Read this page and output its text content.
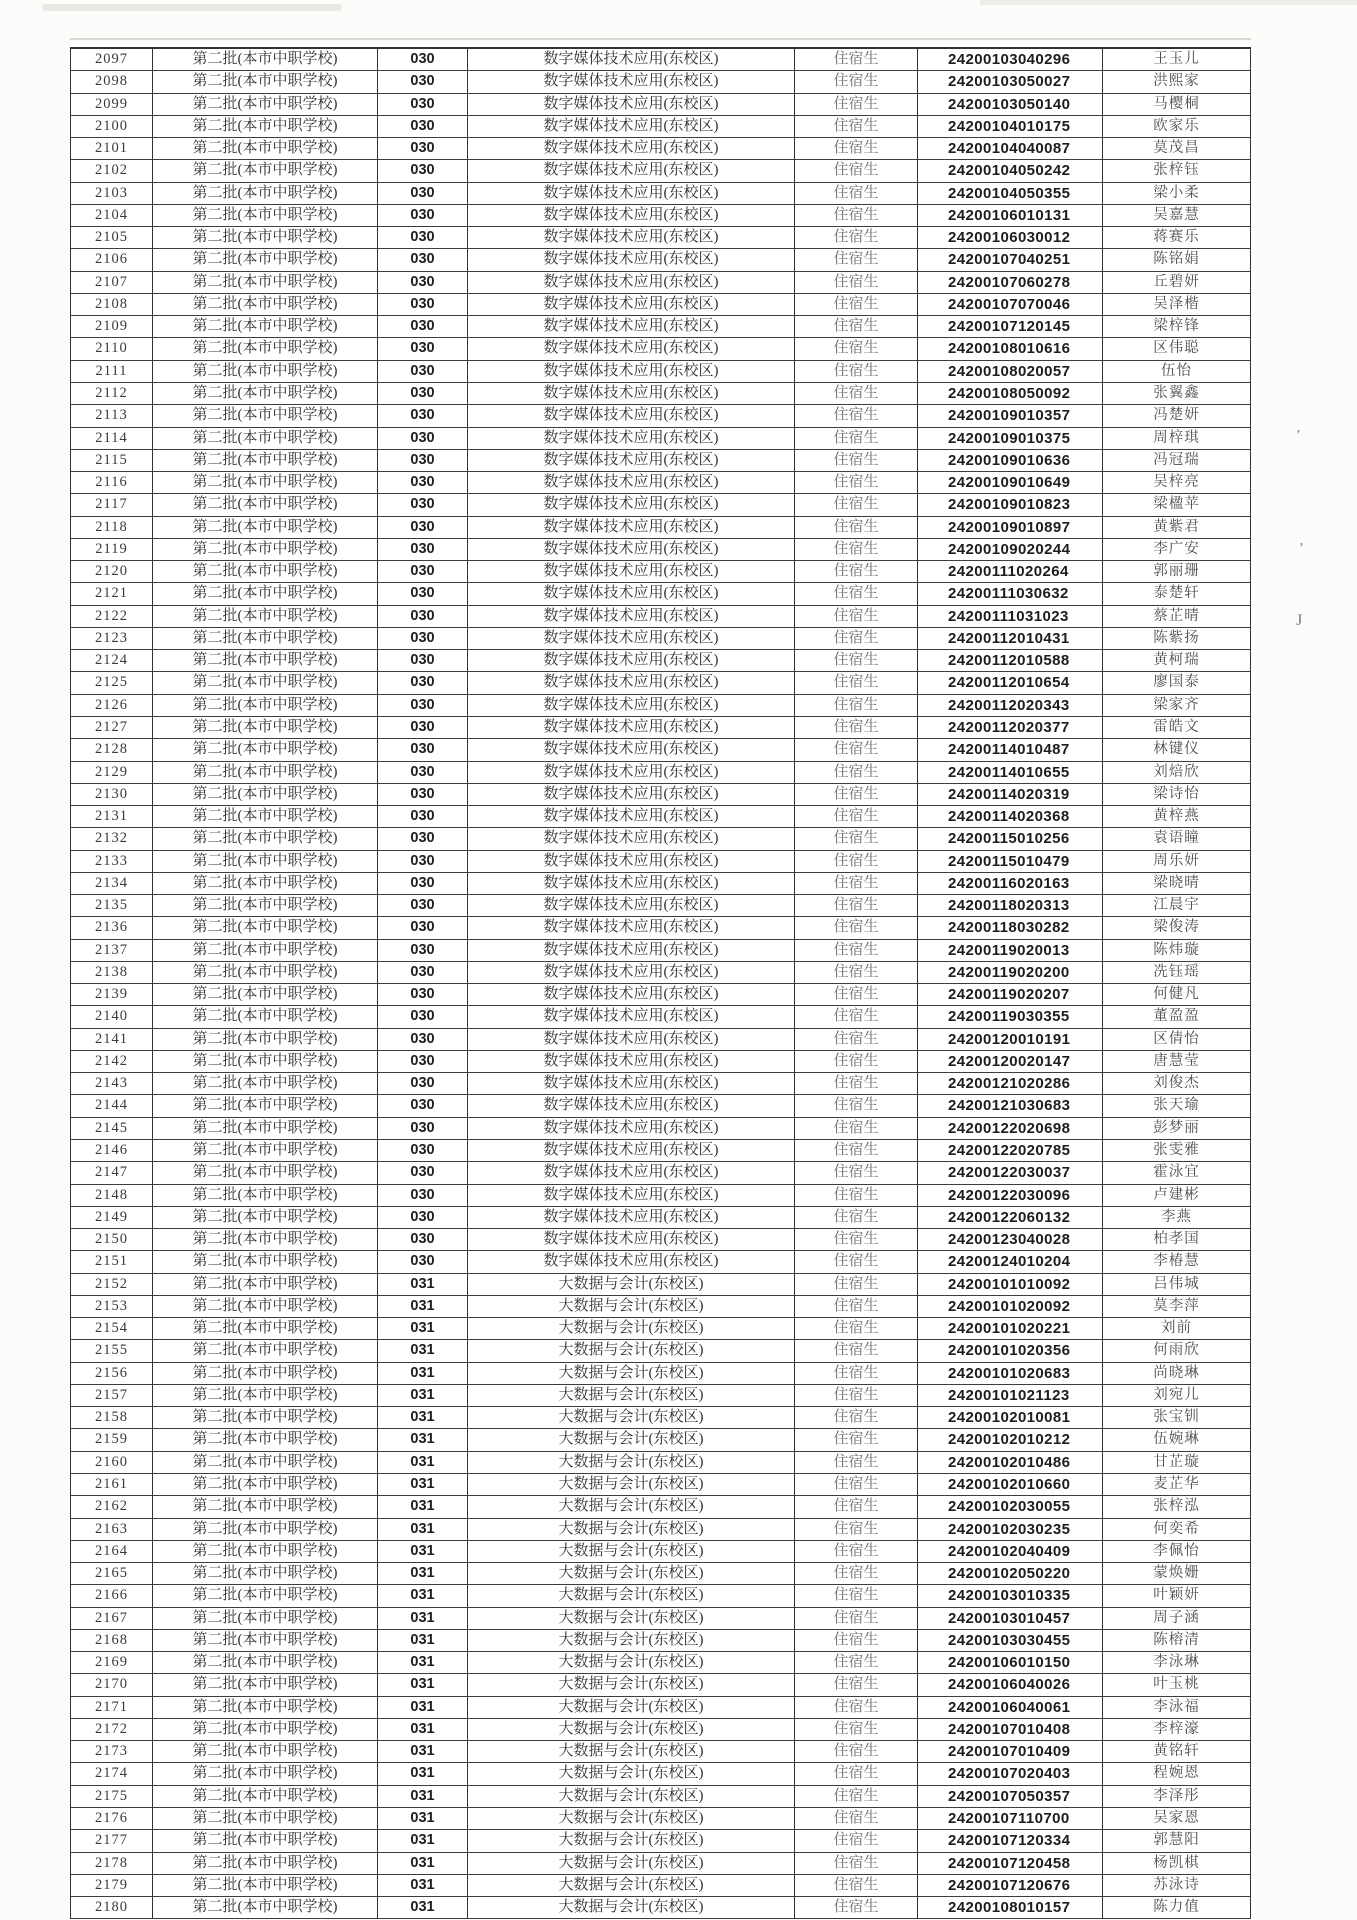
2097	第二批(本市中职学校)	030	数字媒体技术应用(东校区)	住宿生	24200103040296	王玉儿
2098	第二批(本市中职学校)	030	数字媒体技术应用(东校区)	住宿生	24200103050027	洪熙家
2099	第二批(本市中职学校)	030	数字媒体技术应用(东校区)	住宿生	24200103050140	马樱桐
2100	第二批(本市中职学校)	030	数字媒体技术应用(东校区)	住宿生	24200104010175	欧家乐
2101	第二批(本市中职学校)	030	数字媒体技术应用(东校区)	住宿生	24200104040087	莫茂昌
2102	第二批(本市中职学校)	030	数字媒体技术应用(东校区)	住宿生	24200104050242	张梓钰
2103	第二批(本市中职学校)	030	数字媒体技术应用(东校区)	住宿生	24200104050355	梁小柔
2104	第二批(本市中职学校)	030	数字媒体技术应用(东校区)	住宿生	24200106010131	吴嘉慧
2105	第二批(本市中职学校)	030	数字媒体技术应用(东校区)	住宿生	24200106030012	蒋赛乐
2106	第二批(本市中职学校)	030	数字媒体技术应用(东校区)	住宿生	24200107040251	陈铭娟
2107	第二批(本市中职学校)	030	数字媒体技术应用(东校区)	住宿生	24200107060278	丘碧妍
2108	第二批(本市中职学校)	030	数字媒体技术应用(东校区)	住宿生	24200107070046	吴泽楷
2109	第二批(本市中职学校)	030	数字媒体技术应用(东校区)	住宿生	24200107120145	梁梓锋
2110	第二批(本市中职学校)	030	数字媒体技术应用(东校区)	住宿生	24200108010616	区伟聪
2111	第二批(本市中职学校)	030	数字媒体技术应用(东校区)	住宿生	24200108020057	伍怡
2112	第二批(本市中职学校)	030	数字媒体技术应用(东校区)	住宿生	24200108050092	张翼鑫
2113	第二批(本市中职学校)	030	数字媒体技术应用(东校区)	住宿生	24200109010357	冯楚妍
2114	第二批(本市中职学校)	030	数字媒体技术应用(东校区)	住宿生	24200109010375	周梓琪
2115	第二批(本市中职学校)	030	数字媒体技术应用(东校区)	住宿生	24200109010636	冯冠瑞
2116	第二批(本市中职学校)	030	数字媒体技术应用(东校区)	住宿生	24200109010649	吴梓亮
2117	第二批(本市中职学校)	030	数字媒体技术应用(东校区)	住宿生	24200109010823	梁楹苹
2118	第二批(本市中职学校)	030	数字媒体技术应用(东校区)	住宿生	24200109010897	黄紫君
2119	第二批(本市中职学校)	030	数字媒体技术应用(东校区)	住宿生	24200109020244	李广安
2120	第二批(本市中职学校)	030	数字媒体技术应用(东校区)	住宿生	24200111020264	郭丽珊
2121	第二批(本市中职学校)	030	数字媒体技术应用(东校区)	住宿生	24200111030632	泰楚轩
2122	第二批(本市中职学校)	030	数字媒体技术应用(东校区)	住宿生	24200111031023	蔡芷晴
2123	第二批(本市中职学校)	030	数字媒体技术应用(东校区)	住宿生	24200112010431	陈紫扬
2124	第二批(本市中职学校)	030	数字媒体技术应用(东校区)	住宿生	24200112010588	黄柯瑞
2125	第二批(本市中职学校)	030	数字媒体技术应用(东校区)	住宿生	24200112010654	廖国泰
2126	第二批(本市中职学校)	030	数字媒体技术应用(东校区)	住宿生	24200112020343	梁家齐
2127	第二批(本市中职学校)	030	数字媒体技术应用(东校区)	住宿生	24200112020377	雷皓文
2128	第二批(本市中职学校)	030	数字媒体技术应用(东校区)	住宿生	24200114010487	林键仪
2129	第二批(本市中职学校)	030	数字媒体技术应用(东校区)	住宿生	24200114010655	刘焙欣
2130	第二批(本市中职学校)	030	数字媒体技术应用(东校区)	住宿生	24200114020319	梁诗怡
2131	第二批(本市中职学校)	030	数字媒体技术应用(东校区)	住宿生	24200114020368	黄梓燕
2132	第二批(本市中职学校)	030	数字媒体技术应用(东校区)	住宿生	24200115010256	袁语瞳
2133	第二批(本市中职学校)	030	数字媒体技术应用(东校区)	住宿生	24200115010479	周乐妍
2134	第二批(本市中职学校)	030	数字媒体技术应用(东校区)	住宿生	24200116020163	梁晓晴
2135	第二批(本市中职学校)	030	数字媒体技术应用(东校区)	住宿生	24200118020313	江晨宇
2136	第二批(本市中职学校)	030	数字媒体技术应用(东校区)	住宿生	24200118030282	梁俊涛
2137	第二批(本市中职学校)	030	数字媒体技术应用(东校区)	住宿生	24200119020013	陈炜璇
2138	第二批(本市中职学校)	030	数字媒体技术应用(东校区)	住宿生	24200119020200	冼钰瑶
2139	第二批(本市中职学校)	030	数字媒体技术应用(东校区)	住宿生	24200119020207	何健凡
2140	第二批(本市中职学校)	030	数字媒体技术应用(东校区)	住宿生	24200119030355	董盈盈
2141	第二批(本市中职学校)	030	数字媒体技术应用(东校区)	住宿生	24200120010191	区倩怡
2142	第二批(本市中职学校)	030	数字媒体技术应用(东校区)	住宿生	24200120020147	唐慧莹
2143	第二批(本市中职学校)	030	数字媒体技术应用(东校区)	住宿生	24200121020286	刘俊杰
2144	第二批(本市中职学校)	030	数字媒体技术应用(东校区)	住宿生	24200121030683	张天瑜
2145	第二批(本市中职学校)	030	数字媒体技术应用(东校区)	住宿生	24200122020698	彭梦丽
2146	第二批(本市中职学校)	030	数字媒体技术应用(东校区)	住宿生	24200122020785	张雯雅
2147	第二批(本市中职学校)	030	数字媒体技术应用(东校区)	住宿生	24200122030037	霍泳宜
2148	第二批(本市中职学校)	030	数字媒体技术应用(东校区)	住宿生	24200122030096	卢建彬
2149	第二批(本市中职学校)	030	数字媒体技术应用(东校区)	住宿生	24200122060132	李燕
2150	第二批(本市中职学校)	030	数字媒体技术应用(东校区)	住宿生	24200123040028	柏孝国
2151	第二批(本市中职学校)	030	数字媒体技术应用(东校区)	住宿生	24200124010204	李椿慧
2152	第二批(本市中职学校)	031	大数据与会计(东校区)	住宿生	24200101010092	吕伟城
2153	第二批(本市中职学校)	031	大数据与会计(东校区)	住宿生	24200101020092	莫李萍
2154	第二批(本市中职学校)	031	大数据与会计(东校区)	住宿生	24200101020221	刘前
2155	第二批(本市中职学校)	031	大数据与会计(东校区)	住宿生	24200101020356	何雨欣
2156	第二批(本市中职学校)	031	大数据与会计(东校区)	住宿生	24200101020683	尚晓琳
2157	第二批(本市中职学校)	031	大数据与会计(东校区)	住宿生	24200101021123	刘宛儿
2158	第二批(本市中职学校)	031	大数据与会计(东校区)	住宿生	24200102010081	张宝钏
2159	第二批(本市中职学校)	031	大数据与会计(东校区)	住宿生	24200102010212	伍婉琳
2160	第二批(本市中职学校)	031	大数据与会计(东校区)	住宿生	24200102010486	甘芷璇
2161	第二批(本市中职学校)	031	大数据与会计(东校区)	住宿生	24200102010660	麦芷华
2162	第二批(本市中职学校)	031	大数据与会计(东校区)	住宿生	24200102030055	张梓泓
2163	第二批(本市中职学校)	031	大数据与会计(东校区)	住宿生	24200102030235	何奕希
2164	第二批(本市中职学校)	031	大数据与会计(东校区)	住宿生	24200102040409	李佩怡
2165	第二批(本市中职学校)	031	大数据与会计(东校区)	住宿生	24200102050220	蒙焕姗
2166	第二批(本市中职学校)	031	大数据与会计(东校区)	住宿生	24200103010335	叶颖妍
2167	第二批(本市中职学校)	031	大数据与会计(东校区)	住宿生	24200103010457	周子涵
2168	第二批(本市中职学校)	031	大数据与会计(东校区)	住宿生	24200103030455	陈榕清
2169	第二批(本市中职学校)	031	大数据与会计(东校区)	住宿生	24200106010150	李泳琳
2170	第二批(本市中职学校)	031	大数据与会计(东校区)	住宿生	24200106040026	叶玉桃
2171	第二批(本市中职学校)	031	大数据与会计(东校区)	住宿生	24200106040061	李泳福
2172	第二批(本市中职学校)	031	大数据与会计(东校区)	住宿生	24200107010408	李梓濠
2173	第二批(本市中职学校)	031	大数据与会计(东校区)	住宿生	24200107010409	黄铭轩
2174	第二批(本市中职学校)	031	大数据与会计(东校区)	住宿生	24200107020403	程婉恩
2175	第二批(本市中职学校)	031	大数据与会计(东校区)	住宿生	24200107050357	李泽彤
2176	第二批(本市中职学校)	031	大数据与会计(东校区)	住宿生	24200107110700	吴家恩
2177	第二批(本市中职学校)	031	大数据与会计(东校区)	住宿生	24200107120334	郭慧阳
2178	第二批(本市中职学校)	031	大数据与会计(东校区)	住宿生	24200107120458	杨凯棋
2179	第二批(本市中职学校)	031	大数据与会计(东校区)	住宿生	24200107120676	苏泳诗
2180	第二批(本市中职学校)	031	大数据与会计(东校区)	住宿生	24200108010157	陈力值
’
’
J
